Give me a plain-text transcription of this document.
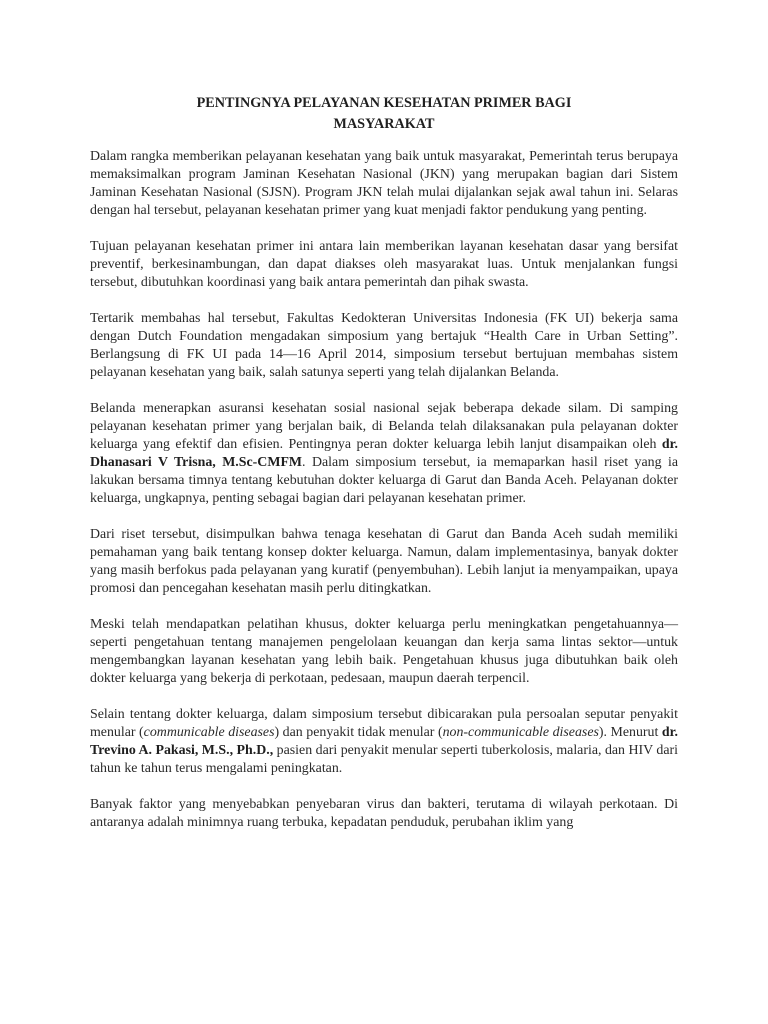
PENTINGNYA PELAYANAN KESEHATAN PRIMER BAGI MASYARAKAT

Dalam rangka memberikan pelayanan kesehatan yang baik untuk masyarakat, Pemerintah terus berupaya memaksimalkan program Jaminan Kesehatan Nasional (JKN) yang merupakan bagian dari Sistem Jaminan Kesehatan Nasional (SJSN). Program JKN telah mulai dijalankan sejak awal tahun ini. Selaras dengan hal tersebut, pelayanan kesehatan primer yang kuat menjadi faktor pendukung yang penting.

Tujuan pelayanan kesehatan primer ini antara lain memberikan layanan kesehatan dasar yang bersifat preventif, berkesinambungan, dan dapat diakses oleh masyarakat luas. Untuk menjalankan fungsi tersebut, dibutuhkan koordinasi yang baik antara pemerintah dan pihak swasta.

Tertarik membahas hal tersebut, Fakultas Kedokteran Universitas Indonesia (FK UI) bekerja sama dengan Dutch Foundation mengadakan simposium yang bertajuk “Health Care in Urban Setting”. Berlangsung di FK UI pada 14—16 April 2014, simposium tersebut bertujuan membahas sistem pelayanan kesehatan yang baik, salah satunya seperti yang telah dijalankan Belanda.

Belanda menerapkan asuransi kesehatan sosial nasional sejak beberapa dekade silam. Di samping pelayanan kesehatan primer yang berjalan baik, di Belanda telah dilaksanakan pula pelayanan dokter keluarga yang efektif dan efisien. Pentingnya peran dokter keluarga lebih lanjut disampaikan oleh dr. Dhanasari V Trisna, M.Sc-CMFM. Dalam simposium tersebut, ia memaparkan hasil riset yang ia lakukan bersama timnya tentang kebutuhan dokter keluarga di Garut dan Banda Aceh. Pelayanan dokter keluarga, ungkapnya, penting sebagai bagian dari pelayanan kesehatan primer.

Dari riset tersebut, disimpulkan bahwa tenaga kesehatan di Garut dan Banda Aceh sudah memiliki pemahaman yang baik tentang konsep dokter keluarga. Namun, dalam implementasinya, banyak dokter yang masih berfokus pada pelayanan yang kuratif (penyembuhan). Lebih lanjut ia menyampaikan, upaya promosi dan pencegahan kesehatan masih perlu ditingkatkan.

Meski telah mendapatkan pelatihan khusus, dokter keluarga perlu meningkatkan pengetahuannya—seperti pengetahuan tentang manajemen pengelolaan keuangan dan kerja sama lintas sektor—untuk mengembangkan layanan kesehatan yang lebih baik. Pengetahuan khusus juga dibutuhkan baik oleh dokter keluarga yang bekerja di perkotaan, pedesaan, maupun daerah terpencil.

Selain tentang dokter keluarga, dalam simposium tersebut dibicarakan pula persoalan seputar penyakit menular (communicable diseases) dan penyakit tidak menular (non-communicable diseases). Menurut dr. Trevino A. Pakasi, M.S., Ph.D., pasien dari penyakit menular seperti tuberkolosis, malaria, dan HIV dari tahun ke tahun terus mengalami peningkatan.

Banyak faktor yang menyebabkan penyebaran virus dan bakteri, terutama di wilayah perkotaan. Di antaranya adalah minimnya ruang terbuka, kepadatan penduduk, perubahan iklim yang
